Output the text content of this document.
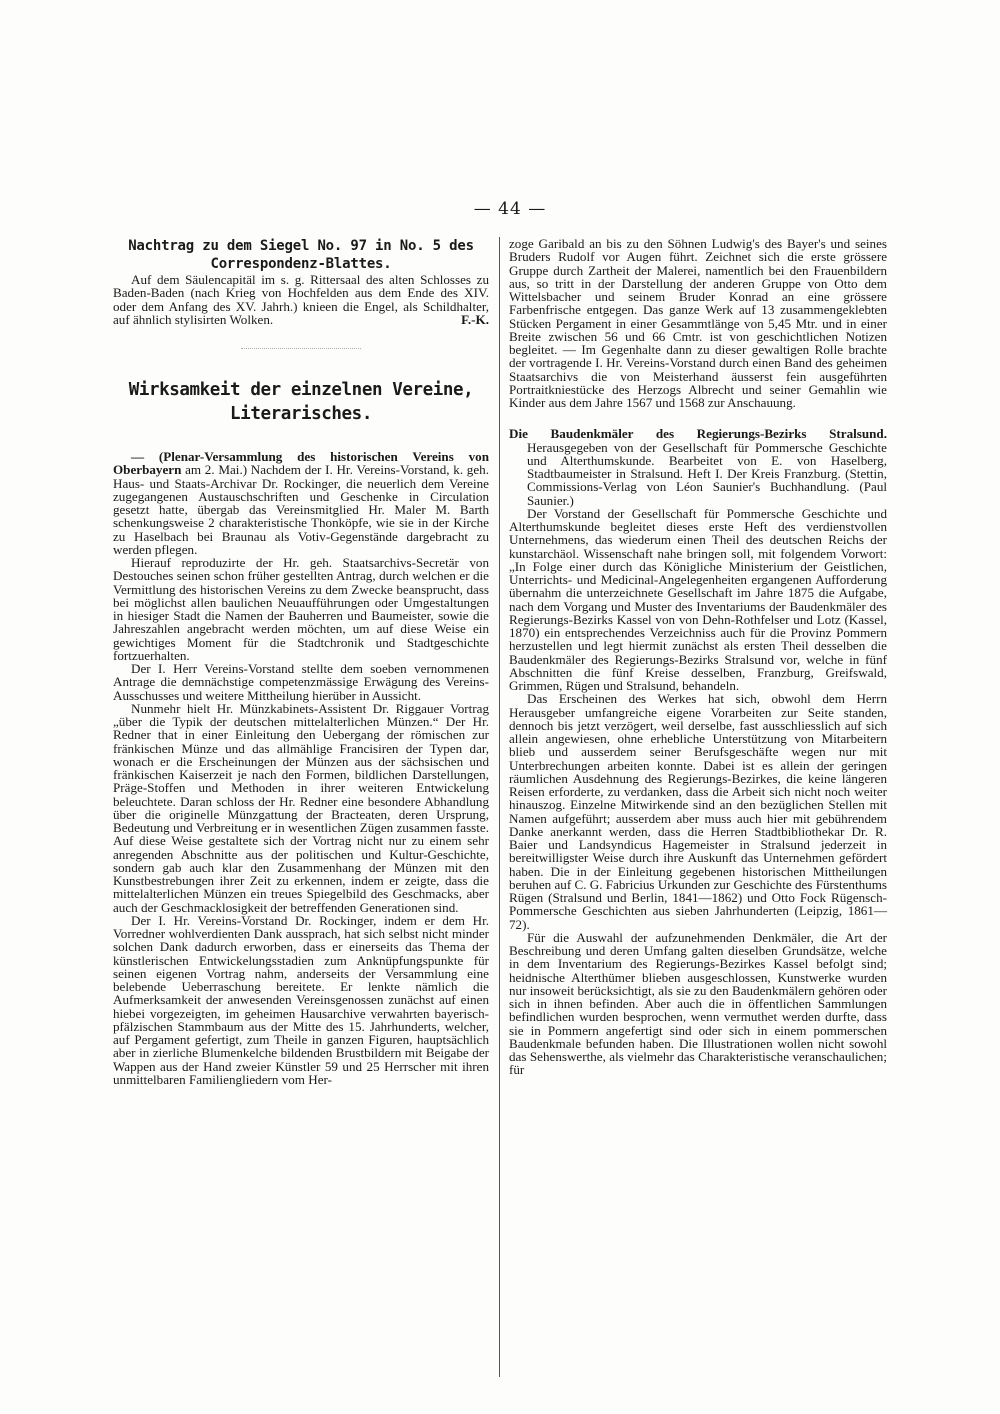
— 44 —
Nachtrag zu dem Siegel No. 97 in No. 5 des Correspondenz-Blattes.

Auf dem Säulencapitäl im s. g. Rittersaal des alten Schlosses zu Baden-Baden (nach Krieg von Hochfelden aus dem Ende des XIV. oder dem Anfang des XV. Jahrh.) knieen die Engel, als Schildhalter, auf ähnlich stylisirten Wolken.	F.-K.

Wirksamkeit der einzelnen Vereine, Literarisches.

— (Plenar-Versammlung des historischen Vereins von Oberbayern am 2. Mai.) Nachdem der I. Hr. Vereins-Vorstand, k. geh. Haus- und Staats-Archivar Dr. Rockinger, die neuerlich dem Vereine zugegangenen Austauschschriften und Geschenke in Circulation gesetzt hatte, übergab das Vereinsmitglied Hr. Maler M. Barth schenkungsweise 2 charakteristische Thonköpfe, wie sie in der Kirche zu Haselbach bei Braunau als Votiv-Gegenstände dargebracht zu werden pflegen.

Hierauf reproduzirte der Hr. geh. Staatsarchivs-Secretär von Destouches seinen schon früher gestellten Antrag, durch welchen er die Vermittlung des historischen Vereins zu dem Zwecke beansprucht, dass bei möglichst allen baulichen Neuaufführungen oder Umgestaltungen in hiesiger Stadt die Namen der Bauherren und Baumeister, sowie die Jahreszahlen angebracht werden möchten, um auf diese Weise ein gewichtiges Moment für die Stadtchronik und Stadtgeschichte fortzuerhalten.

Der I. Herr Vereins-Vorstand stellte dem soeben vernommenen Antrage die demnächstige competenzmässige Erwägung des Vereins-Ausschusses und weitere Mittheilung hierüber in Aussicht.

Nunmehr hielt Hr. Münzkabinets-Assistent Dr. Riggauer Vortrag „über die Typik der deutschen mittelalterlichen Münzen.“ Der Hr. Redner that in einer Einleitung den Uebergang der römischen zur fränkischen Münze und das allmählige Francisiren der Typen dar, wonach er die Erscheinungen der Münzen aus der sächsischen und fränkischen Kaiserzeit je nach den Formen, bildlichen Darstellungen, Präge-Stoffen und Methoden in ihrer weiteren Entwickelung beleuchtete. Daran schloss der Hr. Redner eine besondere Abhandlung über die originelle Münzgattung der Bracteaten, deren Ursprung, Bedeutung und Verbreitung er in wesentlichen Zügen zusammen fasste. Auf diese Weise gestaltete sich der Vortrag nicht nur zu einem sehr anregenden Abschnitte aus der politischen und Kultur-Geschichte, sondern gab auch klar den Zusammenhang der Münzen mit den Kunstbestrebungen ihrer Zeit zu erkennen, indem er zeigte, dass die mittelalterlichen Münzen ein treues Spiegelbild des Geschmacks, aber auch der Geschmacklosigkeit der betreffenden Generationen sind.

Der I. Hr. Vereins-Vorstand Dr. Rockinger, indem er dem Hr. Vorredner wohlverdienten Dank aussprach, hat sich selbst nicht minder solchen Dank dadurch erworben, dass er einerseits das Thema der künstlerischen Entwickelungsstadien zum Anknüpfungspunkte für seinen eigenen Vortrag nahm, anderseits der Versammlung eine belebende Ueberraschung bereitete. Er lenkte nämlich die Aufmerksamkeit der anwesenden Vereinsgenossen zunächst auf einen hiebei vorgezeigten, im geheimen Hausarchive verwahrten bayerisch-pfälzischen Stammbaum aus der Mitte des 15. Jahrhunderts, welcher, auf Pergament gefertigt, zum Theile in ganzen Figuren, hauptsächlich aber in zierliche Blumenkelche bildenden Brustbildern mit Beigabe der Wappen aus der Hand zweier Künstler 59 und 25 Herrscher mit ihren unmittelbaren Familiengliedern vom Her-

zoge Garibald an bis zu den Söhnen Ludwig's des Bayer's und seines Bruders Rudolf vor Augen führt. Zeichnet sich die erste grössere Gruppe durch Zartheit der Malerei, namentlich bei den Frauenbildern aus, so tritt in der Darstellung der anderen Gruppe von Otto dem Wittelsbacher und seinem Bruder Konrad an eine grössere Farbenfrische entgegen. Das ganze Werk auf 13 zusammengeklebten Stücken Pergament in einer Gesammtlänge von 5,45 Mtr. und in einer Breite zwischen 56 und 66 Cmtr. ist von geschichtlichen Notizen begleitet. — Im Gegenhalte dann zu dieser gewaltigen Rolle brachte der vortragende I. Hr. Vereins-Vorstand durch einen Band des geheimen Staatsarchivs die von Meisterhand äusserst fein ausgeführten Portraitkniestücke des Herzogs Albrecht und seiner Gemahlin wie Kinder aus dem Jahre 1567 und 1568 zur Anschauung.

Die Baudenkmäler des Regierungs-Bezirks Stralsund. Herausgegeben von der Gesellschaft für Pommersche Geschichte und Alterthumskunde. Bearbeitet von E. von Haselberg, Stadtbaumeister in Stralsund. Heft I. Der Kreis Franzburg. (Stettin, Commissions-Verlag von Léon Saunier's Buchhandlung. (Paul Saunier.)

Der Vorstand der Gesellschaft für Pommersche Geschichte und Alterthumskunde begleitet dieses erste Heft des verdienstvollen Unternehmens, das wiederum einen Theil des deutschen Reichs der kunstarchäol. Wissenschaft nahe bringen soll, mit folgendem Vorwort: „In Folge einer durch das Königliche Ministerium der Geistlichen, Unterrichts- und Medicinal-Angelegenheiten ergangenen Aufforderung übernahm die unterzeichnete Gesellschaft im Jahre 1875 die Aufgabe, nach dem Vorgang und Muster des Inventariums der Baudenkmäler des Regierungs-Bezirks Kassel von von Dehn-Rothfelser und Lotz (Kassel, 1870) ein entsprechendes Verzeichniss auch für die Provinz Pommern herzustellen und legt hiermit zunächst als ersten Theil desselben die Baudenkmäler des Regierungs-Bezirks Stralsund vor, welche in fünf Abschnitten die fünf Kreise desselben, Franzburg, Greifswald, Grimmen, Rügen und Stralsund, behandeln.

Das Erscheinen des Werkes hat sich, obwohl dem Herrn Herausgeber umfangreiche eigene Vorarbeiten zur Seite standen, dennoch bis jetzt verzögert, weil derselbe, fast ausschliesslich auf sich allein angewiesen, ohne erhebliche Unterstützung von Mitarbeitern blieb und ausserdem seiner Berufsgeschäfte wegen nur mit Unterbrechungen arbeiten konnte. Dabei ist es allein der geringen räumlichen Ausdehnung des Regierungs-Bezirkes, die keine längeren Reisen erforderte, zu verdanken, dass die Arbeit sich nicht noch weiter hinauszog. Einzelne Mitwirkende sind an den bezüglichen Stellen mit Namen aufgeführt; ausserdem aber muss auch hier mit gebührendem Danke anerkannt werden, dass die Herren Stadtbibliothekar Dr. R. Baier und Landsyndicus Hagemeister in Stralsund jederzeit in bereitwilligster Weise durch ihre Auskunft das Unternehmen gefördert haben. Die in der Einleitung gegebenen historischen Mittheilungen beruhen auf C. G. Fabricius Urkunden zur Geschichte des Fürstenthums Rügen (Stralsund und Berlin, 1841—1862) und Otto Fock Rügensch-Pommersche Geschichten aus sieben Jahrhunderten (Leipzig, 1861—72).

Für die Auswahl der aufzunehmenden Denkmäler, die Art der Beschreibung und deren Umfang galten dieselben Grundsätze, welche in dem Inventarium des Regierungs-Bezirkes Kassel befolgt sind; heidnische Alterthümer blieben ausgeschlossen, Kunstwerke wurden nur insoweit berücksichtigt, als sie zu den Baudenkmälern gehören oder sich in ihnen befinden. Aber auch die in öffentlichen Sammlungen befindlichen wurden besprochen, wenn vermuthet werden durfte, dass sie in Pommern angefertigt sind oder sich in einem pommerschen Baudenkmale befunden haben. Die Illustrationen wollen nicht sowohl das Sehenswerthe, als vielmehr das Charakteristische veranschaulichen; für
